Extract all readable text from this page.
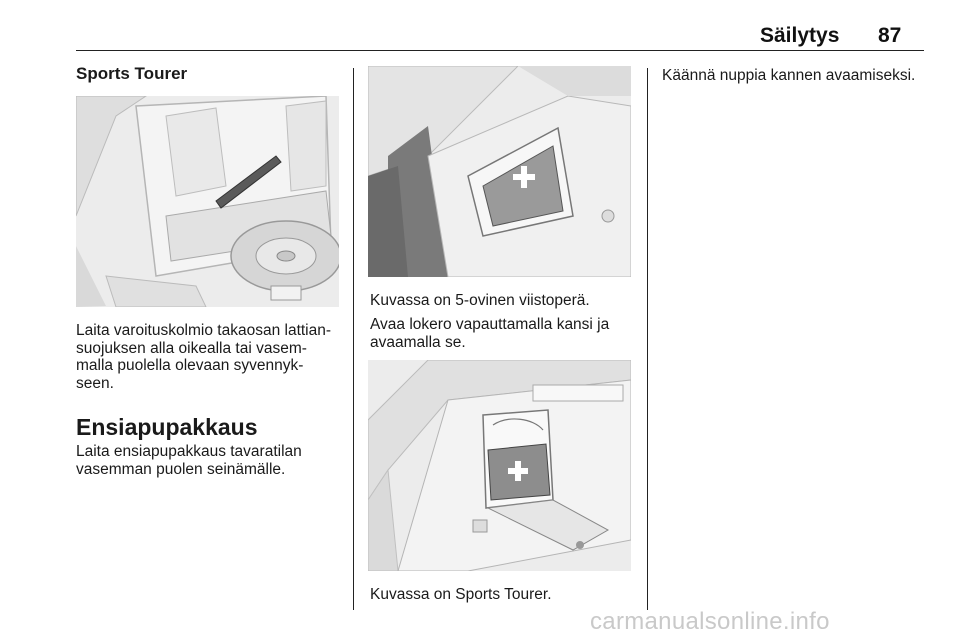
Säilytys 87
Sports Tourer

Laita varoituskolmio takaosan lattian-
suojuksen alla oikealla tai vasem-
malla puolella olevaan syvennyk-
seen.

Ensiapupakkaus

Laita ensiapupakkaus tavaratilan
vasemman puolen seinämälle.

Kuvassa on 5-ovinen viistoperä.

Avaa lokero vapauttamalla kansi ja
avaamalla se.

Kuvassa on Sports Tourer.

Käännä nuppia kannen avaamiseksi.

carmanualsonline.info
